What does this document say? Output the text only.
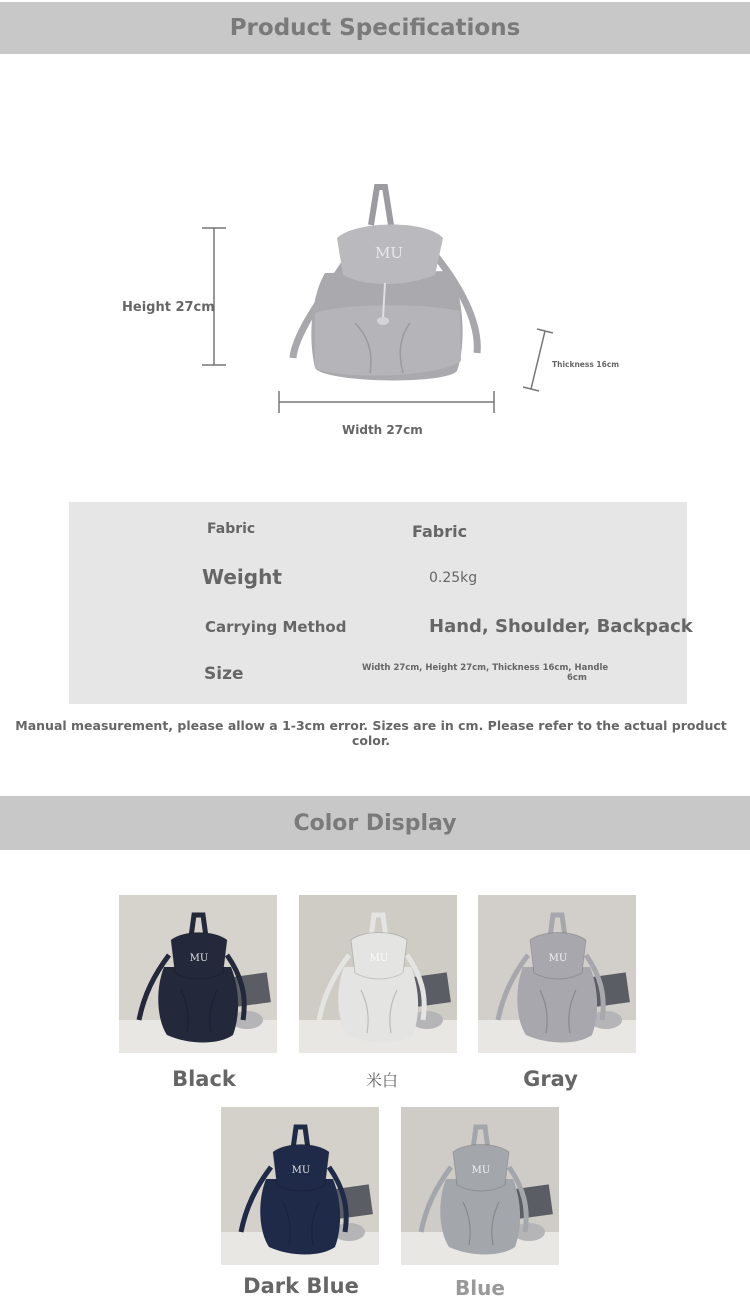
Product Specifications
MU
Height 27cm
Width 27cm
Thickness 16cm
Fabric	Fabric
Weight	0.25kg
Carrying Method	Hand, Shoulder, Backpack
Size	Width 27cm, Height 27cm, Thickness 16cm, Handle
6cm
Manual measurement, please allow a 1-3cm error. Sizes are in cm. Please refer to the actual product color.
Color Display
MU	MU	MU
MU	MU
Black	米白	Gray
Dark Blue	Blue
